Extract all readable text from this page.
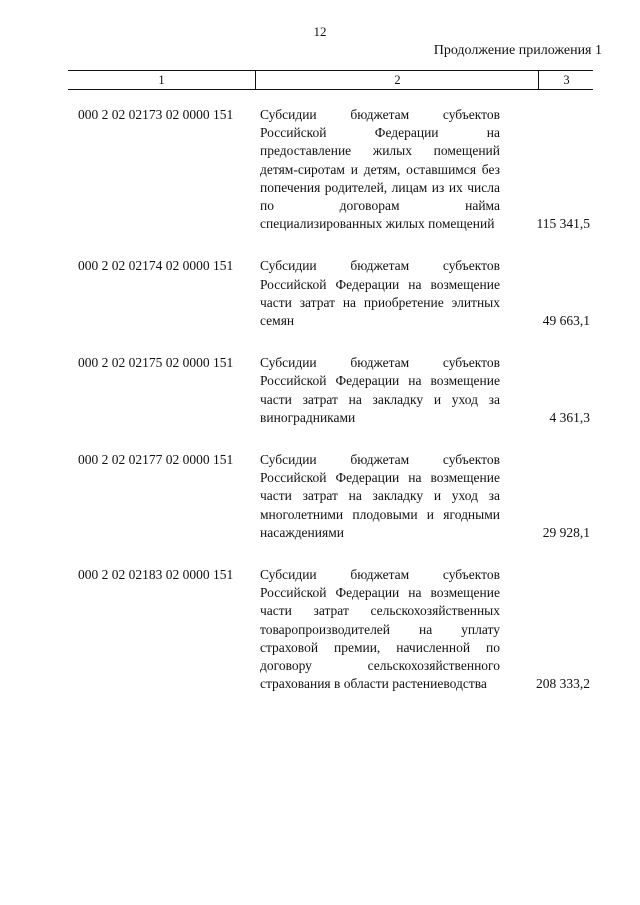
12
Продолжение приложения 1
1	2	3
000 2 02 02173 02 0000 151	Субсидии бюджетам субъектов Российской Федерации на предоставление жилых помещений детям-сиротам и детям, оставшимся без попечения родителей, лицам из их числа по договорам найма специализированных жилых помещений	115 341,5
000 2 02 02174 02 0000 151	Субсидии бюджетам субъектов Российской Федерации на возмещение части затрат на приобретение элитных семян	49 663,1
000 2 02 02175 02 0000 151	Субсидии бюджетам субъектов Российской Федерации на возмещение части затрат на закладку и уход за виноградниками	4 361,3
000 2 02 02177 02 0000 151	Субсидии бюджетам субъектов Российской Федерации на возмещение части затрат на закладку и уход за многолетними плодовыми и ягодными насаждениями	29 928,1
000 2 02 02183 02 0000 151	Субсидии бюджетам субъектов Российской Федерации на возмещение части затрат сельскохозяйственных товаропроизводителей на уплату страховой премии, начисленной по договору сельскохозяйственного страхования в области растениеводства	208 333,2
